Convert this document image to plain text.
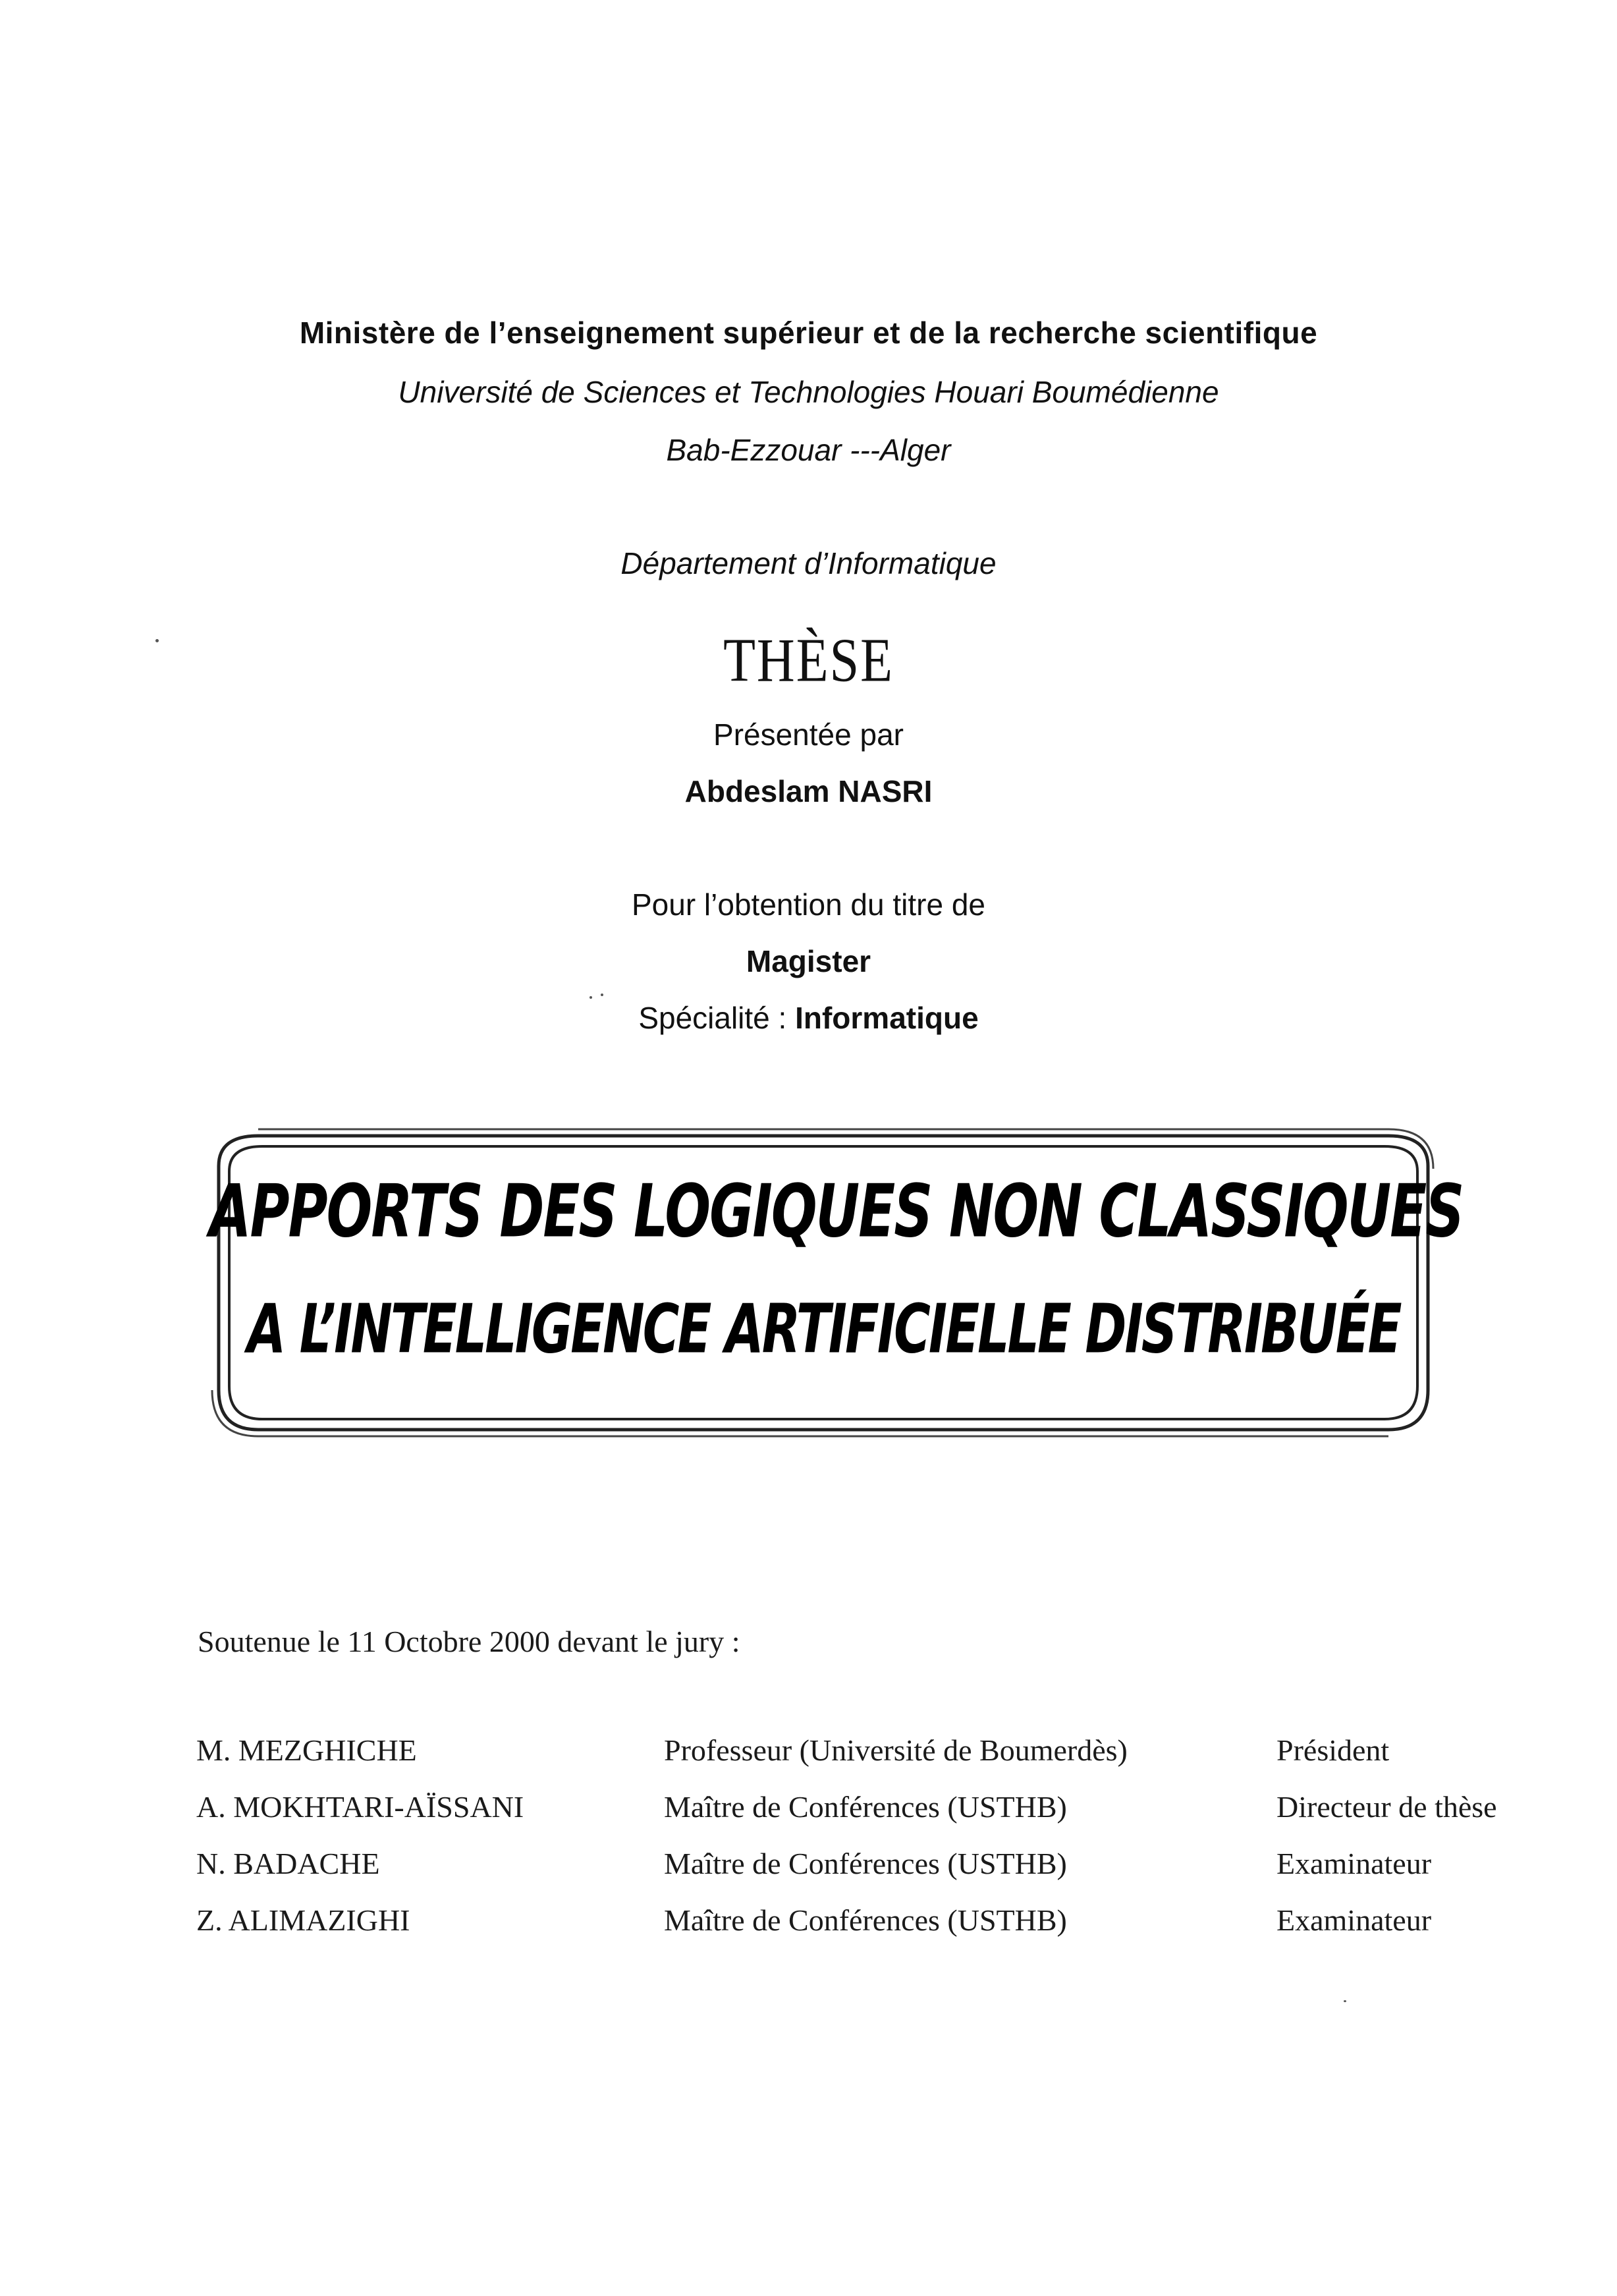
Ministère de l’enseignement supérieur et de la recherche scientifique
Université de Sciences et Technologies Houari Boumédienne
Bab-Ezzouar ---Alger
Département d’Informatique
THÈSE
Présentée par
Abdeslam NASRI
Pour l’obtention du titre de
Magister
Spécialité : Informatique
APPORTS DES LOGIQUES NON CLASSIQUES
A L’INTELLIGENCE ARTIFICIELLE DISTRIBUÉE
Soutenue le 11 Octobre 2000 devant le jury :
M. MEZGHICHE	Professeur (Université de Boumerdès)	Président
A. MOKHTARI-AÏSSANI	Maître de Conférences (USTHB)	Directeur de thèse
N. BADACHE	Maître de Conférences (USTHB)	Examinateur
Z. ALIMAZIGHI	Maître de Conférences (USTHB)	Examinateur
